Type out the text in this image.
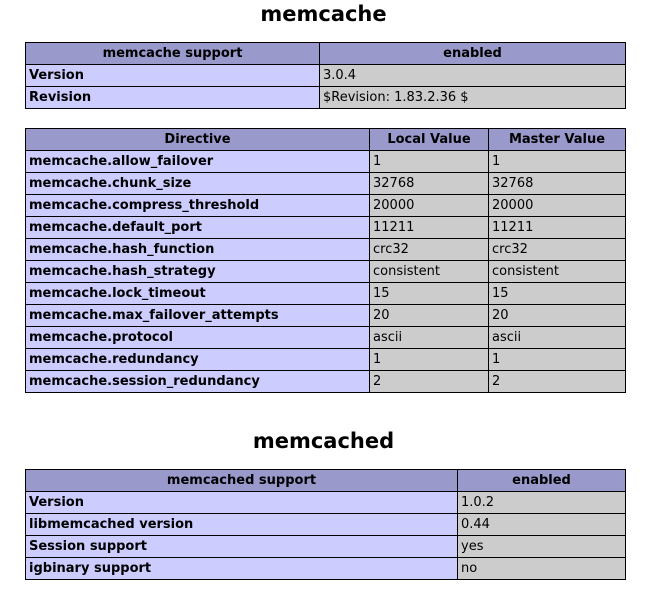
memcache
memcache support	enabled
Version	3.0.4
Revision	$Revision: 1.83.2.36 $
Directive	Local Value	Master Value
memcache.allow_failover	1	1
memcache.chunk_size	32768	32768
memcache.compress_threshold	20000	20000
memcache.default_port	11211	11211
memcache.hash_function	crc32	crc32
memcache.hash_strategy	consistent	consistent
memcache.lock_timeout	15	15
memcache.max_failover_attempts	20	20
memcache.protocol	ascii	ascii
memcache.redundancy	1	1
memcache.session_redundancy	2	2
memcached
memcached support	enabled
Version	1.0.2
libmemcached version	0.44
Session support	yes
igbinary support	no
